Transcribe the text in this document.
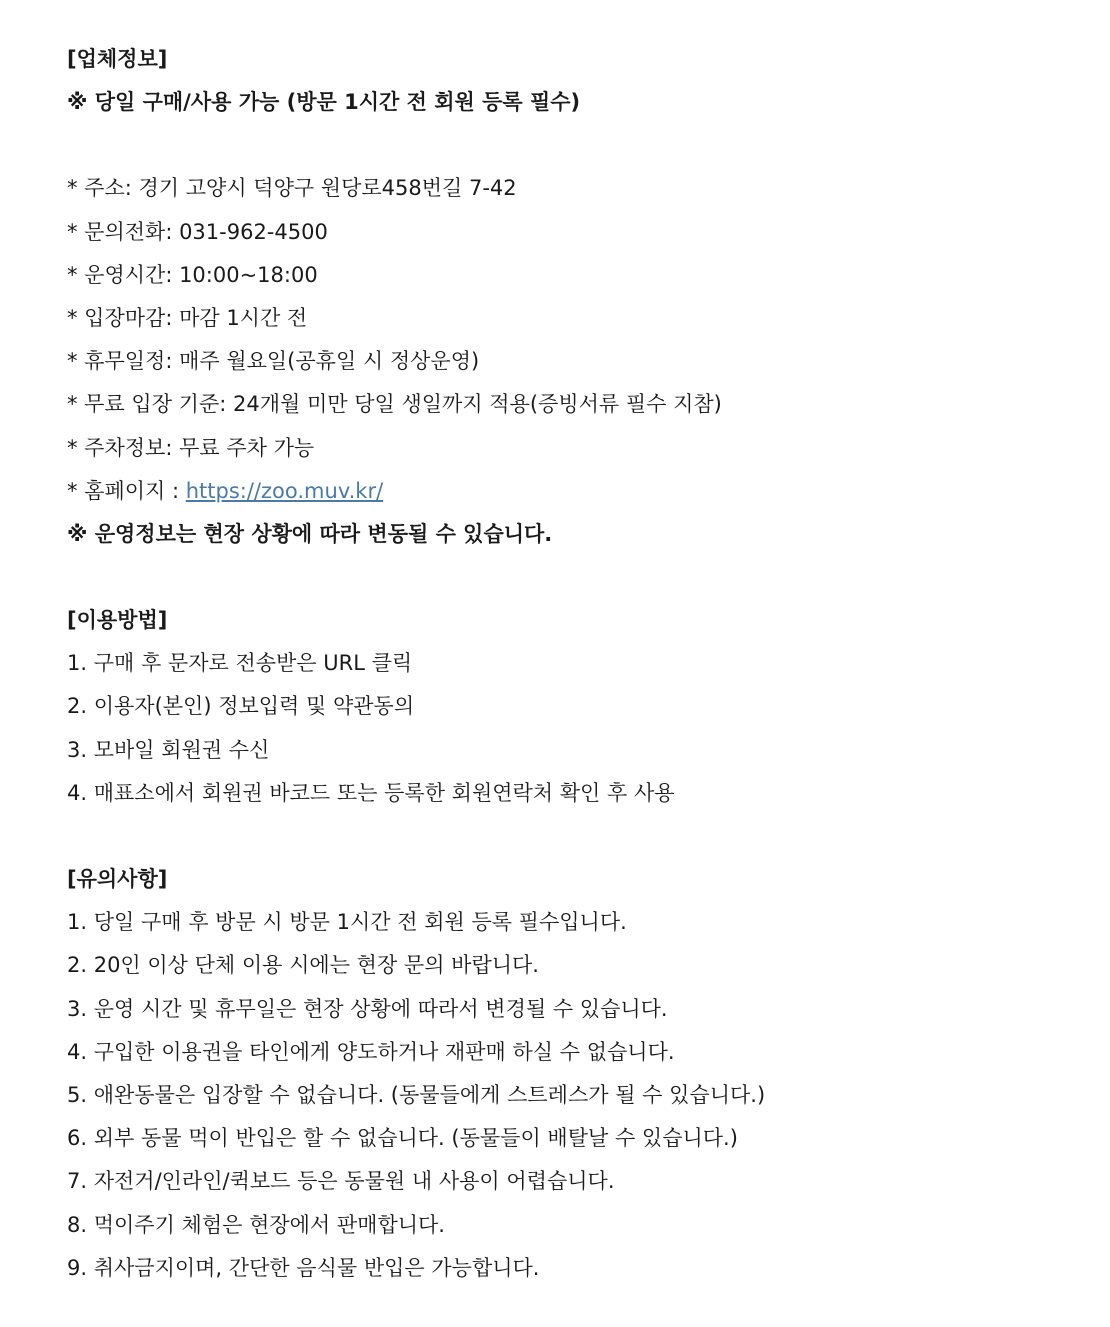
[업체정보]
※ 당일 구매/사용 가능 (방문 1시간 전 회원 등록 필수)
* 주소: 경기 고양시 덕양구 원당로458번길 7-42
* 문의전화: 031-962-4500
* 운영시간: 10:00~18:00
* 입장마감: 마감 1시간 전
* 휴무일정: 매주 월요일(공휴일 시 정상운영)
* 무료 입장 기준: 24개월 미만 당일 생일까지 적용(증빙서류 필수 지참)
* 주차정보: 무료 주차 가능
* 홈페이지 : https://zoo.muv.kr/
※ 운영정보는 현장 상황에 따라 변동될 수 있습니다.
[이용방법]
1. 구매 후 문자로 전송받은 URL 클릭
2. 이용자(본인) 정보입력 및 약관동의
3. 모바일 회원권 수신
4. 매표소에서 회원권 바코드 또는 등록한 회원연락처 확인 후 사용
[유의사항]
1. 당일 구매 후 방문 시 방문 1시간 전 회원 등록 필수입니다.
2. 20인 이상 단체 이용 시에는 현장 문의 바랍니다.
3. 운영 시간 및 휴무일은 현장 상황에 따라서 변경될 수 있습니다.
4. 구입한 이용권을 타인에게 양도하거나 재판매 하실 수 없습니다.
5. 애완동물은 입장할 수 없습니다. (동물들에게 스트레스가 될 수 있습니다.)
6. 외부 동물 먹이 반입은 할 수 없습니다. (동물들이 배탈날 수 있습니다.)
7. 자전거/인라인/퀵보드 등은 동물원 내 사용이 어렵습니다.
8. 먹이주기 체험은 현장에서 판매합니다.
9. 취사금지이며, 간단한 음식물 반입은 가능합니다.
